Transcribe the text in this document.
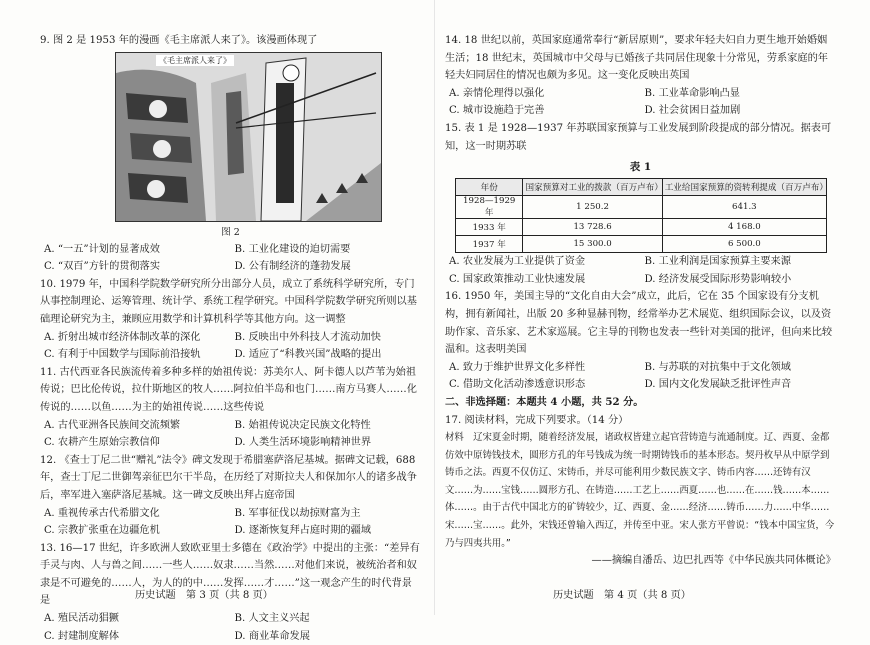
9. 图 2 是 1953 年的漫画《毛主席派人来了》。该漫画体现了

《毛主席派人来了》
图 2
A. “一五”计划的显著成效	B. 工业化建设的迫切需要
C. “双百”方针的贯彻落实	D. 公有制经济的蓬勃发展

10. 1979 年，中国科学院数学研究所分出部分人员，成立了系统科学研究所，专门从事控制理论、运筹管理、统计学、系统工程学研究。中国科学院数学研究所则以基础理论研究为主，兼顾应用数学和计算机科学等其他方向。这一调整

A. 折射出城市经济体制改革的深化	B. 反映出中外科技人才流动加快
C. 有利于中国数学与国际前沿接轨	D. 适应了“科教兴国”战略的提出

11. 古代西亚各民族流传着多种多样的始祖传说：苏美尔人、阿卡德人以芦苇为始祖传说；巴比伦传说，拉什斯地区的牧人……阿拉伯半岛和也门……南方马赛人……化传说的……以鱼……为主的始祖传说……这些传说

A. 古代亚洲各民族间交流频繁	B. 始祖传说决定民族文化特性
C. 农耕产生原始宗教信仰	D. 人类生活环境影响精神世界

12. 《查士丁尼二世“赠礼”法令》碑文发现于希腊塞萨洛尼基城。据碑文记载，688 年，查士丁尼二世御驾亲征巴尔干半岛，在历经了对斯拉夫人和保加尔人的诸多战争后，率军进入塞萨洛尼基城。这一碑文反映出拜占庭帝国

A. 重视传承古代希腊文化	B. 军事征伐以劫掠财富为主
C. 宗教扩张重在边疆危机	D. 逐渐恢复拜占庭时期的疆域

13. 16—17 世纪，许多欧洲人致欧亚里士多德在《政治学》中提出的主张：“差异有手灵与肉、人与兽之间……一些人……奴隶……当然……对他们来说，被统治者和奴隶是不可避免的……人，为人的的中……发挥……才……”这一观念产生的时代背景是

A. 殖民活动猖獗	B. 人文主义兴起
C. 封建制度解体	D. 商业革命发展
历史试题　第 3 页（共 8 页）

14. 18 世纪以前，英国家庭通常奉行“新居原则”，要求年轻夫妇自力更生地开始婚姻生活；18 世纪末，英国城市中父母与已婚孩子共同居住现象十分常见，劳系家庭的年轻夫妇同居住的情况也颇为多见。这一变化反映出英国

A. 亲情伦理得以强化	B. 工业革命影响凸显
C. 城市设施趋于完善	D. 社会贫困日益加剧

15. 表 1 是 1928—1937 年苏联国家预算与工业发展到阶段提成的部分情况。据表可知，这一时期苏联

表 1
年份	国家预算对工业的拨款（百万卢布）	工业给国家预算的资转利提成（百万卢布）
1928—1929 年	1 250.2	641.3
1933 年	13 728.6	4 168.0
1937 年	15 300.0	6 500.0
A. 农业发展为工业提供了资金	B. 工业利润是国家预算主要来源
C. 国家政策推动工业快速发展	D. 经济发展受国际形势影响较小

16. 1950 年，美国主导的“文化自由大会”成立，此后，它在 35 个国家设有分支机构，拥有新闻社，出版 20 多种显赫刊物，经常举办艺术展览、组织国际会议，以及资助作家、音乐家、艺术家巡展。它主导的刊物也发表一些针对美国的批评，但向来比较温和。这表明美国

A. 致力于维护世界文化多样性	B. 与苏联的对抗集中于文化领域
C. 借助文化活动渗透意识形态	D. 国内文化发展缺乏批评性声音
二、非选择题：本题共 4 小题，共 52 分。

17. 阅读材料，完成下列要求。（14 分）

材料　辽宋夏金时期，随着经济发展，诸政权皆建立起官营铸造与流通制度。辽、西夏、金都仿效中原铸钱技术，圆形方孔的年号钱成为统一时期铸钱币的基本形态。契丹枚早从中原学到铸币之法。西夏不仅仿辽、宋铸币，并尽可能利用少数民族文字、铸币内容……还铸有汉文……为……宝钱……圆形方孔、在铸造……工艺上……西夏……也……在……钱……本……体……。由于古代中国北方的矿铸较少，辽、西夏、金……经济……铸币……力……中华……宋……宝……。此外，宋钱还曾输入西辽，并传至中亚。宋人张方平曾说：“钱本中国宝货，今乃与四夷共用。”

——摘编自潘岳、边巴扎西等《中华民族共同体概论》

历史试题　第 4 页（共 8 页）
